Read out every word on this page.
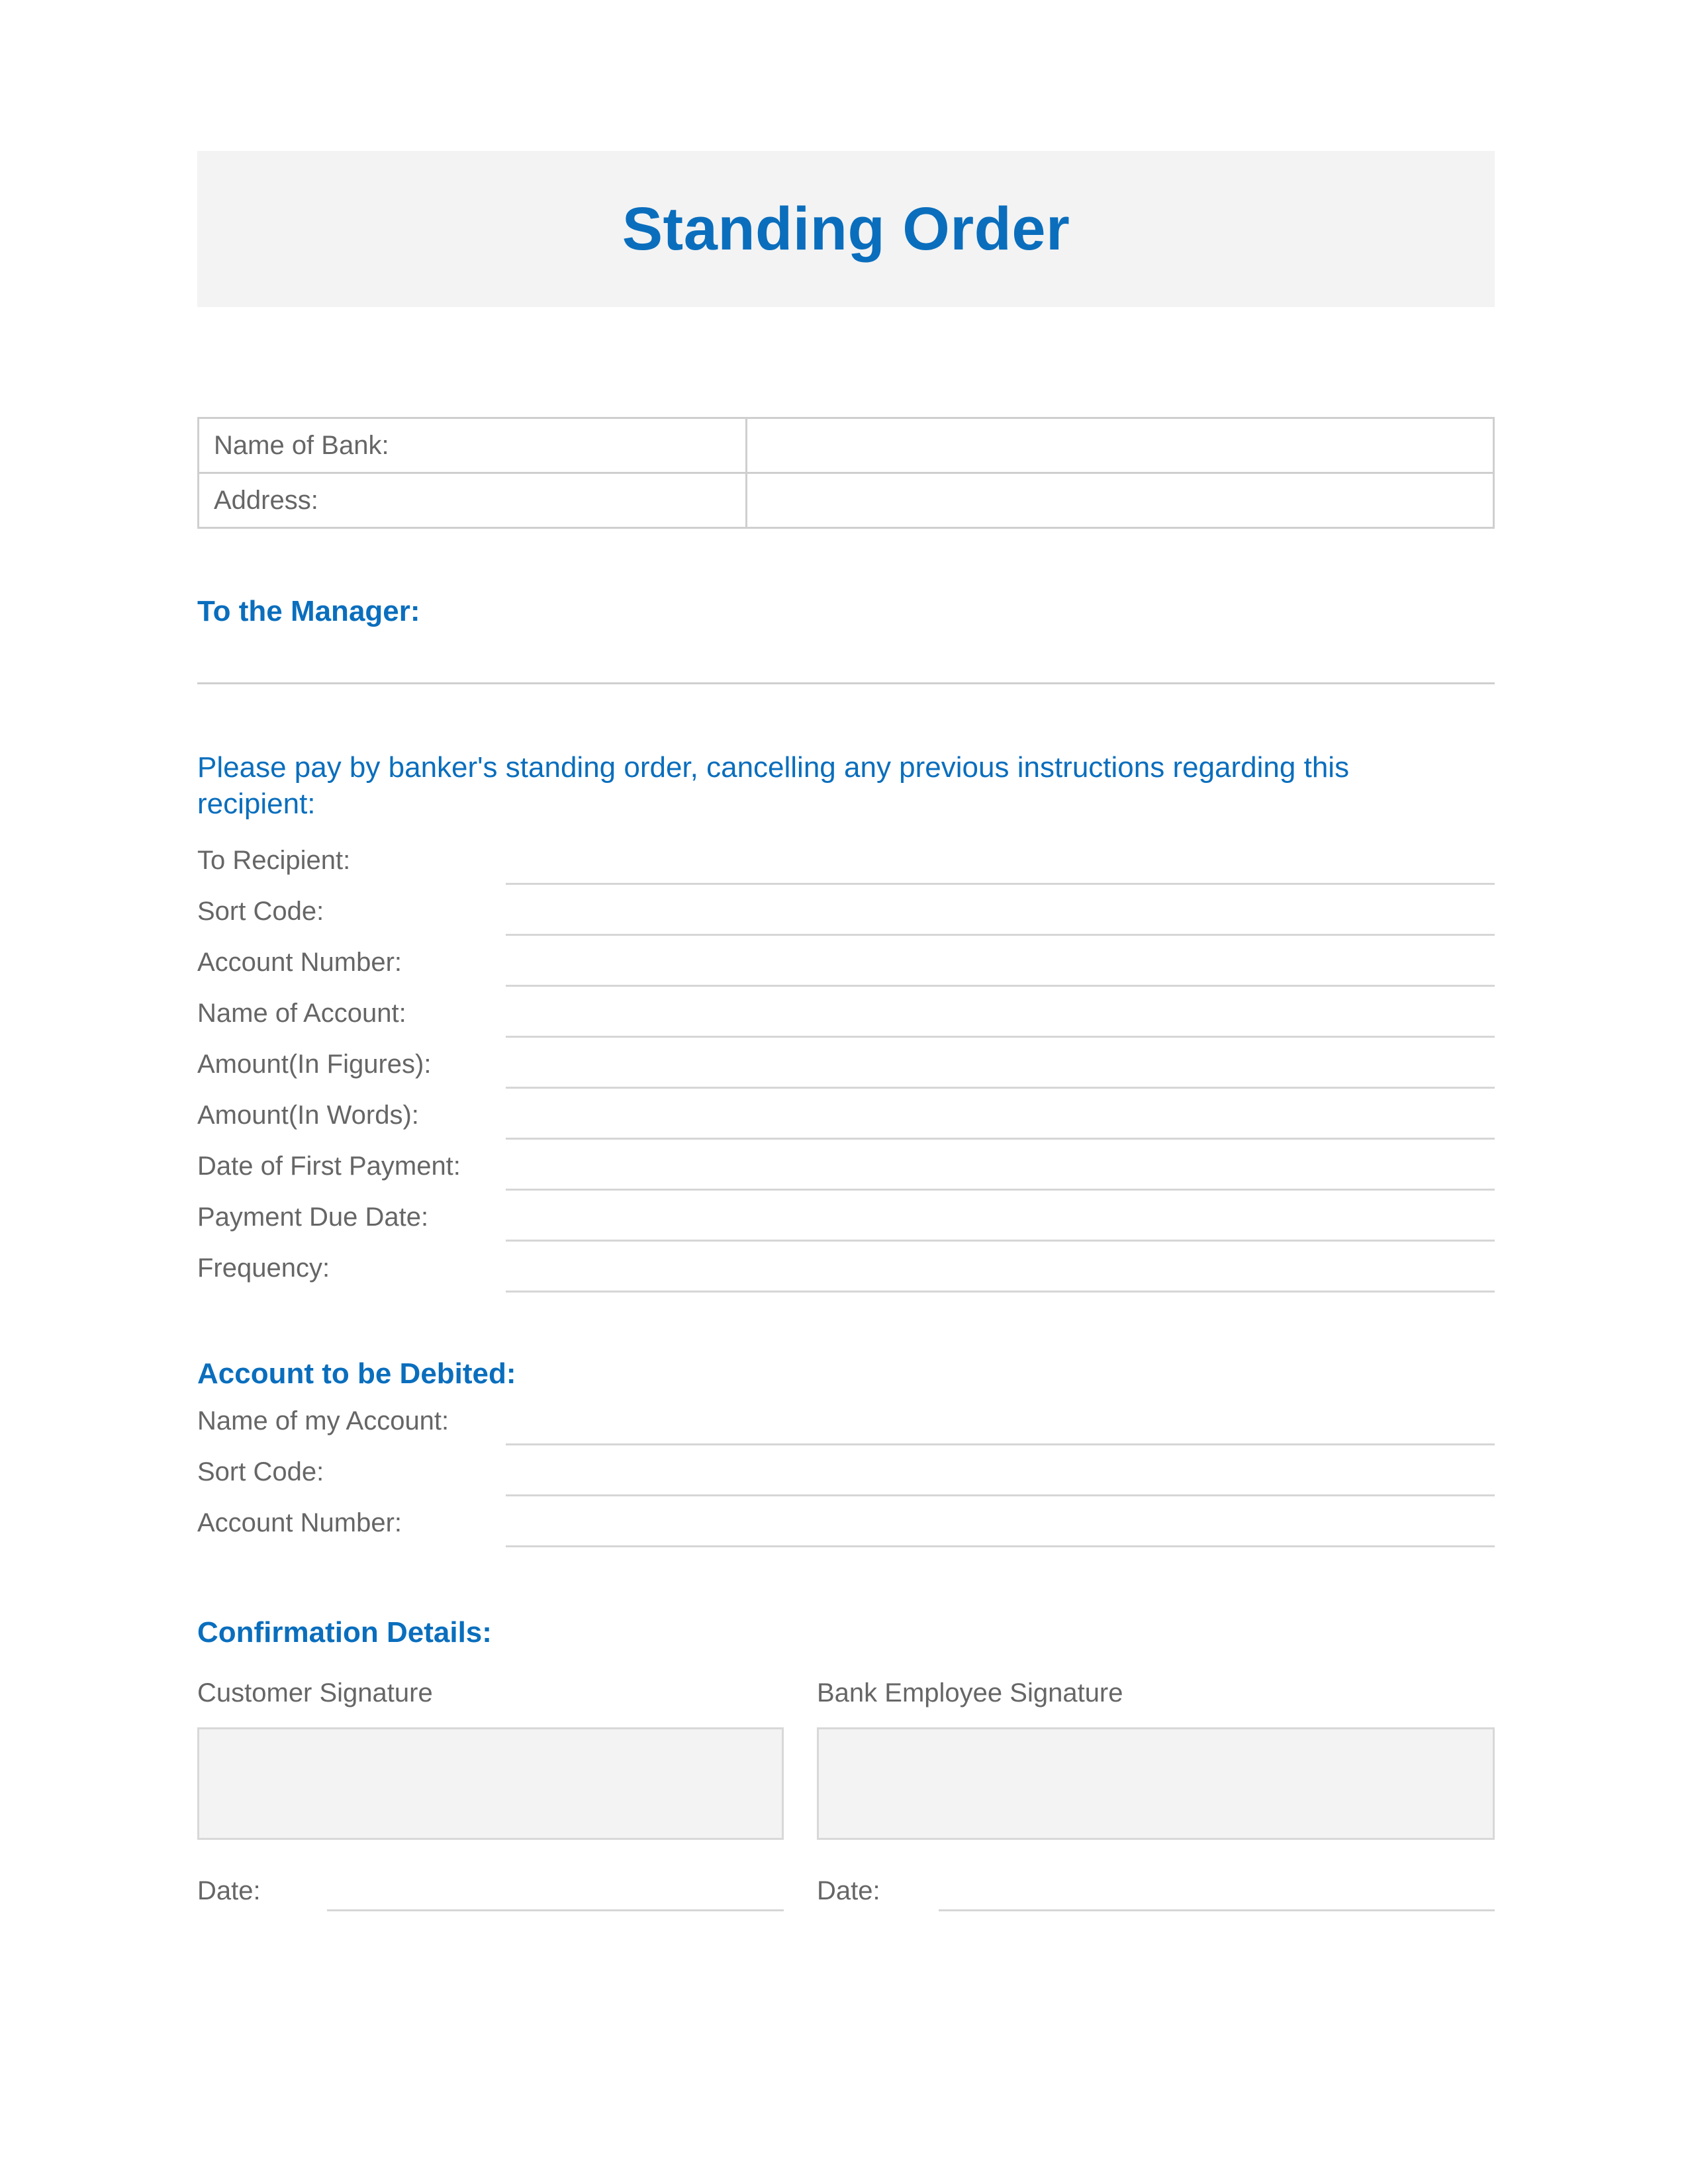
Standing Order
Name of Bank:	
Address:	
To the Manager:
Please pay by banker's standing order, cancelling any previous instructions regarding this recipient:
To Recipient:
Sort Code:
Account Number:
Name of Account:
Amount(In Figures):
Amount(In Words):
Date of First Payment:
Payment Due Date:
Frequency:
Account to be Debited:
Name of my Account:
Sort Code:
Account Number:
Confirmation Details:
Customer Signature
Date:
Bank Employee Signature
Date:
